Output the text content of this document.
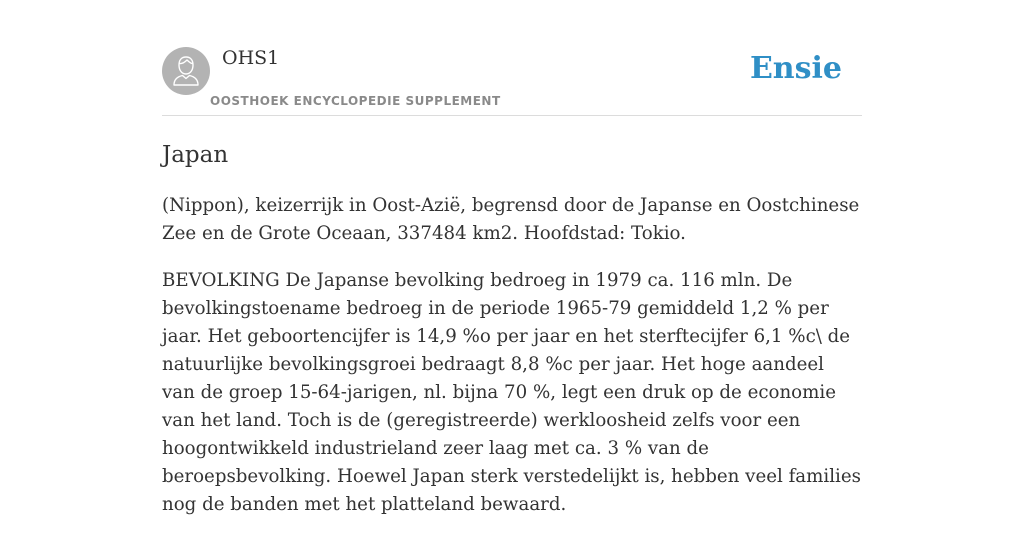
OHS1
OOSTHOEK ENCYCLOPEDIE SUPPLEMENT
Ensie
Japan

(Nippon), keizerrijk in Oost-Azië, begrensd door de Japanse en Oostchinese Zee en de Grote Oceaan, 337484 km2. Hoofdstad: Tokio.

BEVOLKING De Japanse bevolking bedroeg in 1979 ca. 116 mln. De bevolkingstoename bedroeg in de periode 1965-79 gemiddeld 1,2 % per jaar. Het geboortencijfer is 14,9 %o per jaar en het sterftecijfer 6,1 %c\ de natuurlijke bevolkingsgroei bedraagt 8,8 %c per jaar. Het hoge aandeel van de groep 15-64-jarigen, nl. bijna 70 %, legt een druk op de economie van het land. Toch is de (geregistreerde) werkloosheid zelfs voor een hoogontwikkeld industrieland zeer laag met ca. 3 % van de beroepsbevolking. Hoewel Japan sterk verstedelijkt is, hebben veel families nog de banden met het platteland bewaard.
